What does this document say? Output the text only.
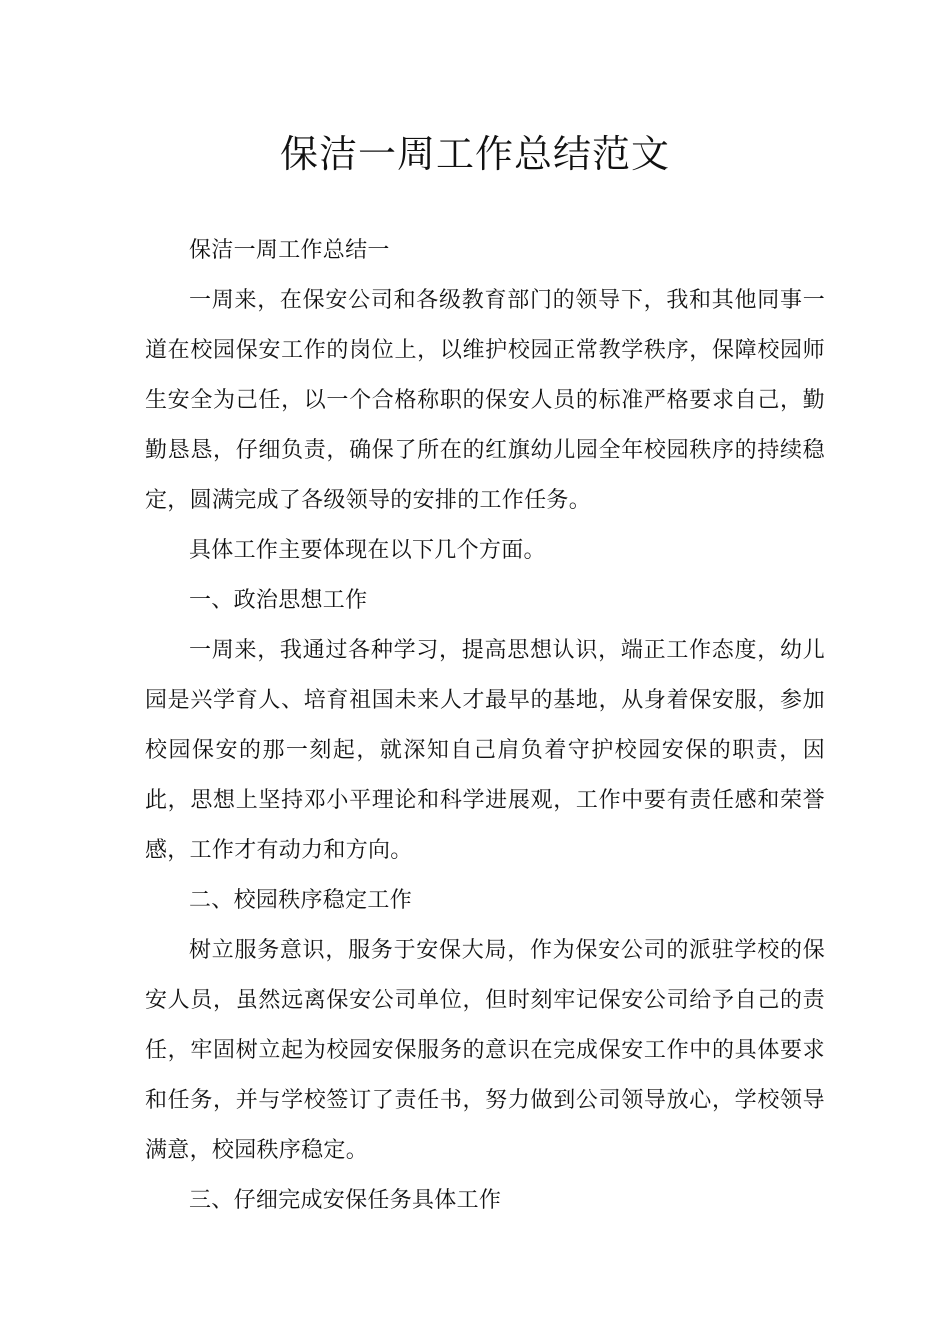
保洁一周工作总结范文

保洁一周工作总结一

一周来，在保安公司和各级教育部门的领导下，我和其他同事一道在校园保安工作的岗位上，以维护校园正常教学秩序，保障校园师生安全为己任，以一个合格称职的保安人员的标准严格要求自己，勤勤恳恳，仔细负责，确保了所在的红旗幼儿园全年校园秩序的持续稳定，圆满完成了各级领导的安排的工作任务。

具体工作主要体现在以下几个方面。

一、政治思想工作

一周来，我通过各种学习，提高思想认识，端正工作态度，幼儿园是兴学育人、培育祖国未来人才最早的基地，从身着保安服，参加校园保安的那一刻起，就深知自己肩负着守护校园安保的职责，因此，思想上坚持邓小平理论和科学进展观，工作中要有责任感和荣誉感，工作才有动力和方向。

二、校园秩序稳定工作

树立服务意识，服务于安保大局，作为保安公司的派驻学校的保安人员，虽然远离保安公司单位，但时刻牢记保安公司给予自己的责任，牢固树立起为校园安保服务的意识在完成保安工作中的具体要求和任务，并与学校签订了责任书，努力做到公司领导放心，学校领导满意，校园秩序稳定。

三、仔细完成安保任务具体工作
